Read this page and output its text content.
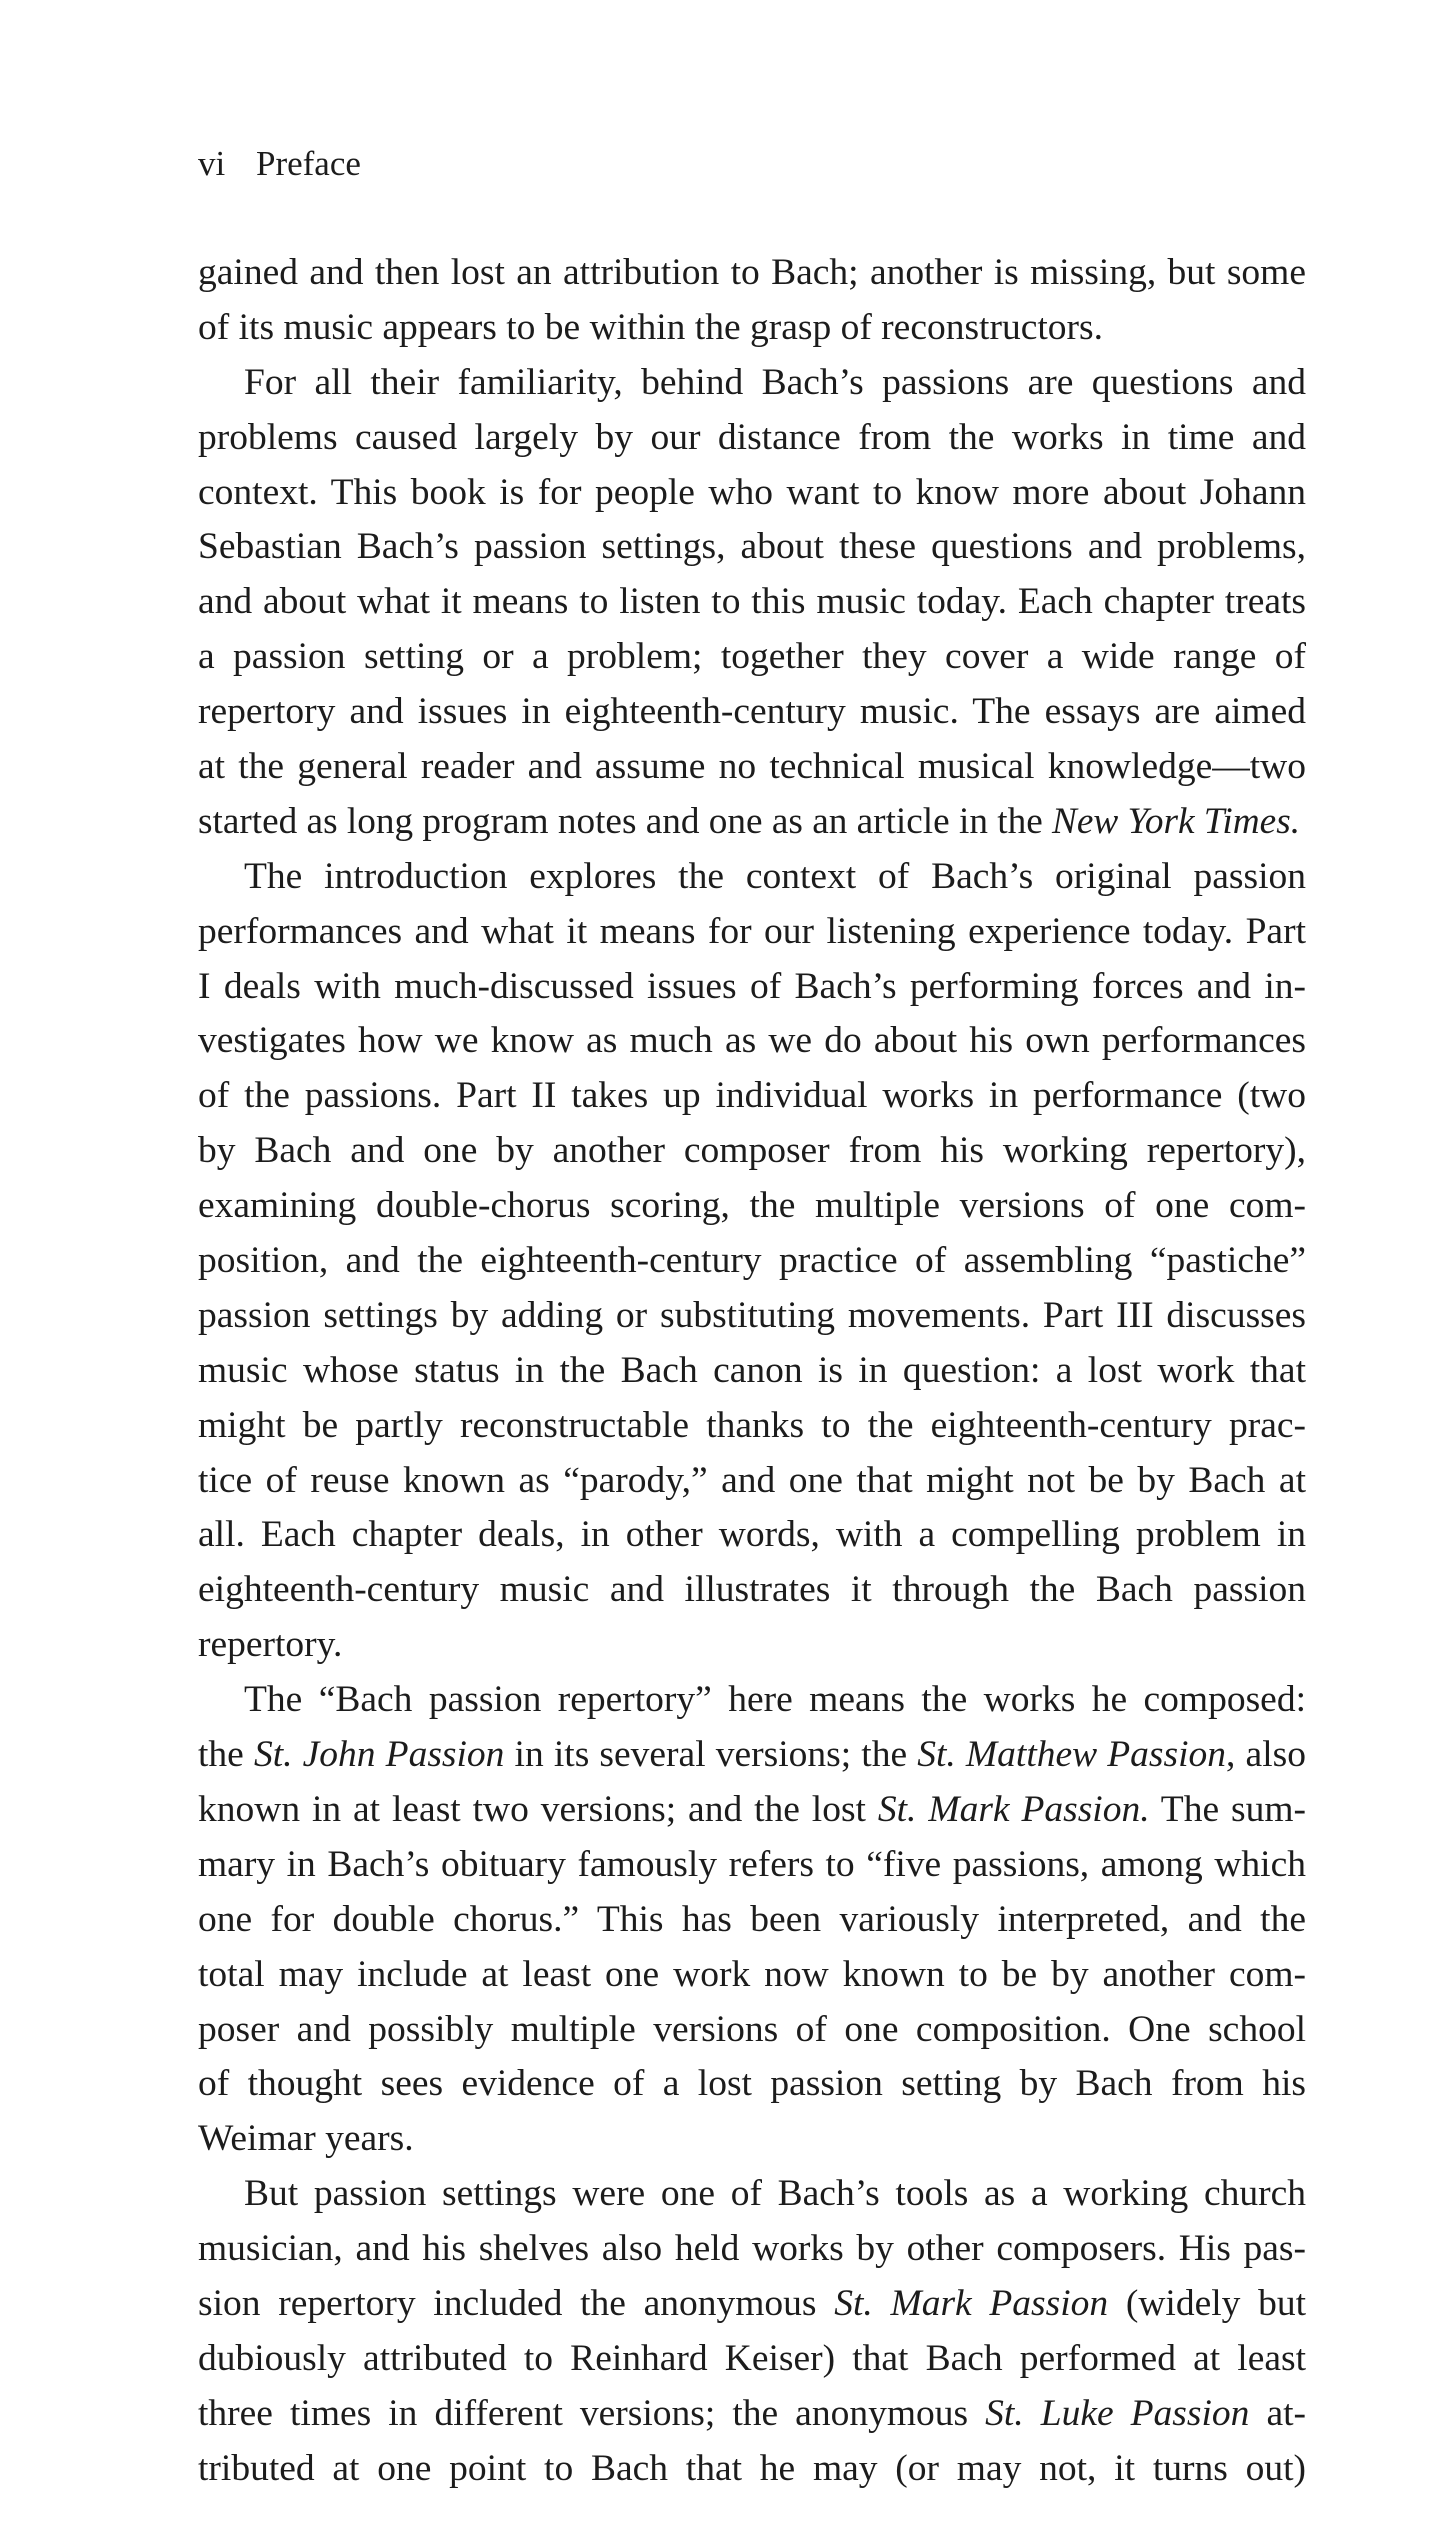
vi Preface
gained and then lost an attribution to Bach; another is missing, but some
of its music appears to be within the grasp of reconstructors.
For all their familiarity, behind Bach’s passions are questions and
problems caused largely by our distance from the works in time and
context. This book is for people who want to know more about Johann
Sebastian Bach’s passion settings, about these questions and problems,
and about what it means to listen to this music today. Each chapter treats
a passion setting or a problem; together they cover a wide range of
repertory and issues in eighteenth-century music. The essays are aimed
at the general reader and assume no technical musical knowledge—two
started as long program notes and one as an article in the New York Times.
The introduction explores the context of Bach’s original passion
performances and what it means for our listening experience today. Part
I deals with much-discussed issues of Bach’s performing forces and in-
vestigates how we know as much as we do about his own performances
of the passions. Part II takes up individual works in performance (two
by Bach and one by another composer from his working repertory),
examining double-chorus scoring, the multiple versions of one com-
position, and the eighteenth-century practice of assembling “pastiche”
passion settings by adding or substituting movements. Part III discusses
music whose status in the Bach canon is in question: a lost work that
might be partly reconstructable thanks to the eighteenth-century prac-
tice of reuse known as “parody,” and one that might not be by Bach at
all. Each chapter deals, in other words, with a compelling problem in
eighteenth-century music and illustrates it through the Bach passion
repertory.
The “Bach passion repertory” here means the works he composed:
the St. John Passion in its several versions; the St. Matthew Passion, also
known in at least two versions; and the lost St. Mark Passion. The sum-
mary in Bach’s obituary famously refers to “five passions, among which
one for double chorus.” This has been variously interpreted, and the
total may include at least one work now known to be by another com-
poser and possibly multiple versions of one composition. One school
of thought sees evidence of a lost passion setting by Bach from his
Weimar years.
But passion settings were one of Bach’s tools as a working church
musician, and his shelves also held works by other composers. His pas-
sion repertory included the anonymous St. Mark Passion (widely but
dubiously attributed to Reinhard Keiser) that Bach performed at least
three times in different versions; the anonymous St. Luke Passion at-
tributed at one point to Bach that he may (or may not, it turns out)
